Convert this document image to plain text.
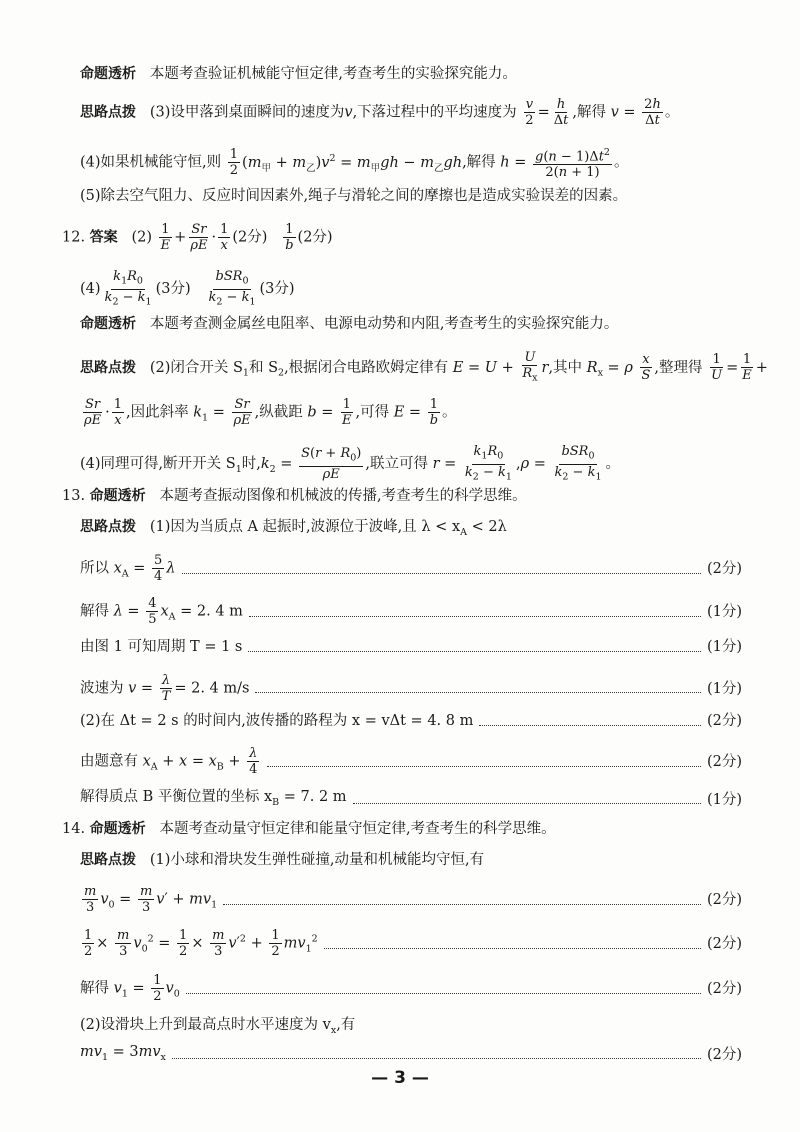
命题透析 本题考查验证机械能守恒定律,考查考生的实验探究能力。
思路点拨 (3)设甲落到桌面瞬间的速度为v,下落过程中的平均速度为 $\frac{v}{2} = \frac{h}{\Delta t}$ ,解得 $v = \frac{2h}{\Delta t}$ 。
(4)如果机械能守恒,则 $\frac{1}{2} (m_甲 + m_乙)v^2 = m_甲gh - m_乙gh$,解得 $h = \frac{g(n - 1)\Delta t^2}{2(n + 1)}$ 。
(5)除去空气阻力、反应时间因素外,绳子与滑轮之间的摩擦也是造成实验误差的因素。
12. 答案 $(2) \frac{1}{E} + \frac{Sr}{\rho E} \cdot \frac{1}{x} (2$分) $\frac{1}{b} (2$分)
$(4) \frac{k_1R_0}{k_2 - k_1} (3$分) $\frac{bSR_0}{k_2 - k_1} (3$分)
命题透析 本题考查测金属丝电阻率、电源电动势和内阻,考查考生的实验探究能力。
思路点拨 (2)闭合开关 $S_1$和 $S_2$,根据闭合电路欧姆定律有 $E = U + \frac{U}{R_x} r$,其中 $R_x = \rho \frac{x}{S}$ ,整理得 $\frac{1}{U} = \frac{1}{E}$ +
$\frac{Sr}{\rho E} \cdot \frac{1}{x}$ ,因此斜率 $k_1 = \frac{Sr}{\rho E}$ ,纵截距 $b = \frac{1}{E}$ ,可得 $E = \frac{1}{b}$ 。
(4)同理可得,断开开关 $S_1$时$,k_2 = \frac{S(r + R_0)}{\rho E}$ ,联立可得 $r = \frac{k_1R_0}{k_2 - k_1} ,\rho = \frac{bSR_0}{k_2 - k_1}$ 。
13. 命题透析 本题考查振动图像和机械波的传播,考查考生的科学思维。
思路点拨 (1)因为当质点 A 起振时,波源位于波峰,且 $\lambda < x_A < 2\lambda$
所以 $x_A = \frac{5}{4}$ λ	(2分)
解得 $\lambda = \frac{4}{5} x_A = 2$. 4 m	(1分)
由图 1 可知周期 T = 1 s	(1分)
波速为 $v = \frac{\lambda}{T} = 2$. 4 m/s	(1分)
(2)在 Δt = 2 s 的时间内,波传播的路程为 x = vΔt = 4. 8 m	(2分)
由题意有 $x_A + x = x_B + \frac{\lambda}{4}$	(2分)
解得质点 B 平衡位置的坐标 $x_B = 7$. 2 m	(1分)
14. 命题透析 本题考查动量守恒定律和能量守恒定律,考查考生的科学思维。
思路点拨 (1)小球和滑块发生弹性碰撞,动量和机械能均守恒,有
$\frac{m}{3} v_0 = \frac{m}{3} v' + mv_1$	(2分)
$\frac{1}{2} \times \frac{m}{3} v_0^2 = \frac{1}{2} \times \frac{m}{3} v'^2 + \frac{1}{2} mv_1^2$	(2分)
解得 $v_1 = \frac{1}{2} v_0$	(2分)
(2)设滑块上升到最高点时水平速度为 $v_x$,有
$mv_1 = 3mv_x$	(2分)
— 3 —
